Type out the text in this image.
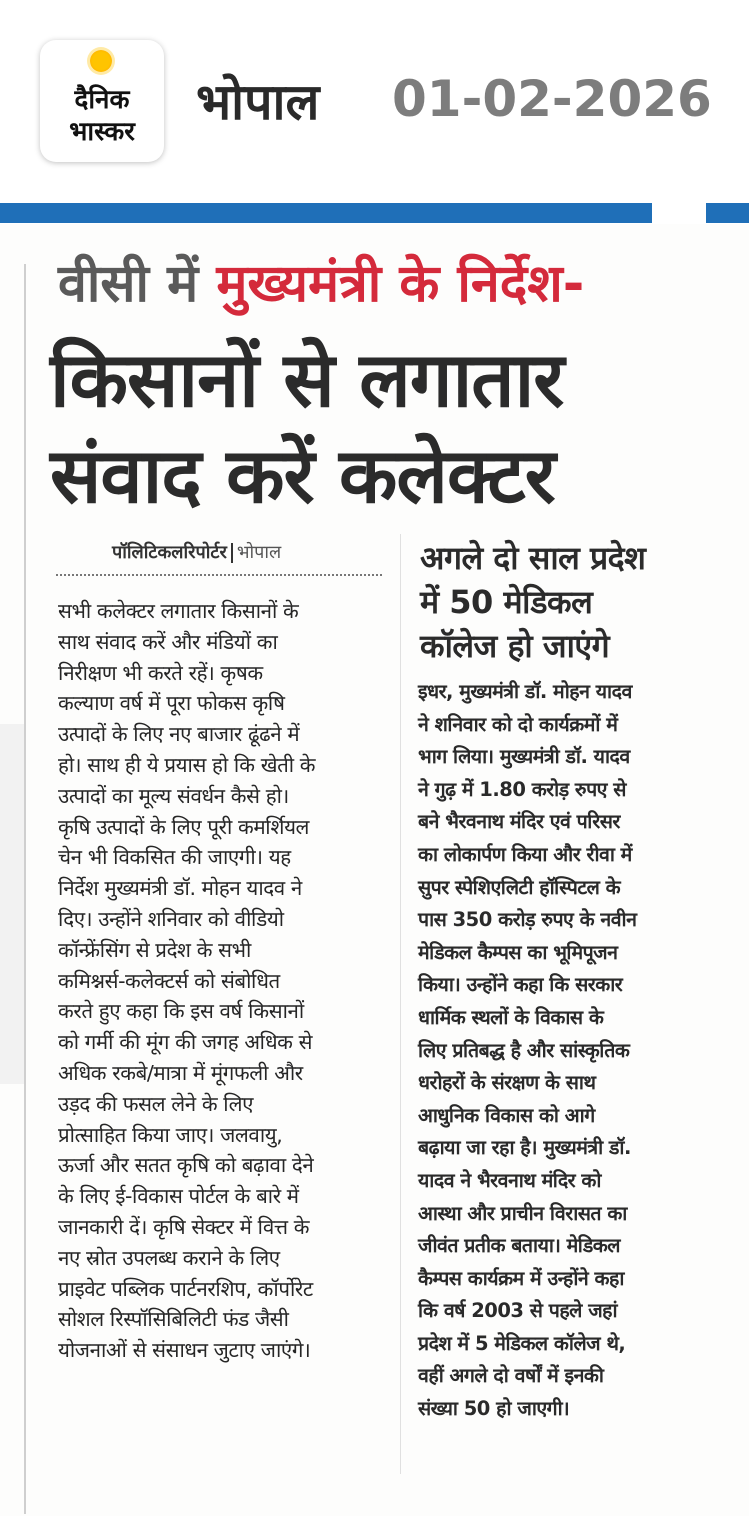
दैनिक
भास्कर
भोपाल 01-02-2026
वीसी में मुख्यमंत्री के निर्देश-
किसानों से लगातार
संवाद करें कलेक्टर
पॉलिटिकलरिपोर्टर भोपाल
सभी कलेक्टर लगातार किसानों के
साथ संवाद करें और मंडियों का
निरीक्षण भी करते रहें। कृषक
कल्याण वर्ष में पूरा फोकस कृषि
उत्पादों के लिए नए बाजार ढूंढने में
हो। साथ ही ये प्रयास हो कि खेती के
उत्पादों का मूल्य संवर्धन कैसे हो।
कृषि उत्पादों के लिए पूरी कमर्शियल
चेन भी विकसित की जाएगी। यह
निर्देश मुख्यमंत्री डॉ. मोहन यादव ने
दिए। उन्होंने शनिवार को वीडियो
कॉन्फ्रेंसिंग से प्रदेश के सभी
कमिश्नर्स-कलेक्टर्स को संबोधित
करते हुए कहा कि इस वर्ष किसानों
को गर्मी की मूंग की जगह अधिक से
अधिक रकबे/मात्रा में मूंगफली और
उड़द की फसल लेने के लिए
प्रोत्साहित किया जाए। जलवायु,
ऊर्जा और सतत कृषि को बढ़ावा देने
के लिए ई-विकास पोर्टल के बारे में
जानकारी दें। कृषि सेक्टर में वित्त के
नए स्रोत उपलब्ध कराने के लिए
प्राइवेट पब्लिक पार्टनरशिप, कॉर्पोरेट
सोशल रिस्पॉसिबिलिटी फंड जैसी
योजनाओं से संसाधन जुटाए जाएंगे।
अगले दो साल प्रदेश
में 50 मेडिकल
कॉलेज हो जाएंगे
इधर, मुख्यमंत्री डॉ. मोहन यादव
ने शनिवार को दो कार्यक्रमों में
भाग लिया। मुख्यमंत्री डॉ. यादव
ने गुढ़ में 1.80 करोड़ रुपए से
बने भैरवनाथ मंदिर एवं परिसर
का लोकार्पण किया और रीवा में
सुपर स्पेशिएलिटी हॉस्पिटल के
पास 350 करोड़ रुपए के नवीन
मेडिकल कैम्पस का भूमिपूजन
किया। उन्होंने कहा कि सरकार
धार्मिक स्थलों के विकास के
लिए प्रतिबद्ध है और सांस्कृतिक
धरोहरों के संरक्षण के साथ
आधुनिक विकास को आगे
बढ़ाया जा रहा है। मुख्यमंत्री डॉ.
यादव ने भैरवनाथ मंदिर को
आस्था और प्राचीन विरासत का
जीवंत प्रतीक बताया। मेडिकल
कैम्पस कार्यक्रम में उन्होंने कहा
कि वर्ष 2003 से पहले जहां
प्रदेश में 5 मेडिकल कॉलेज थे,
वहीं अगले दो वर्षों में इनकी
संख्या 50 हो जाएगी।
